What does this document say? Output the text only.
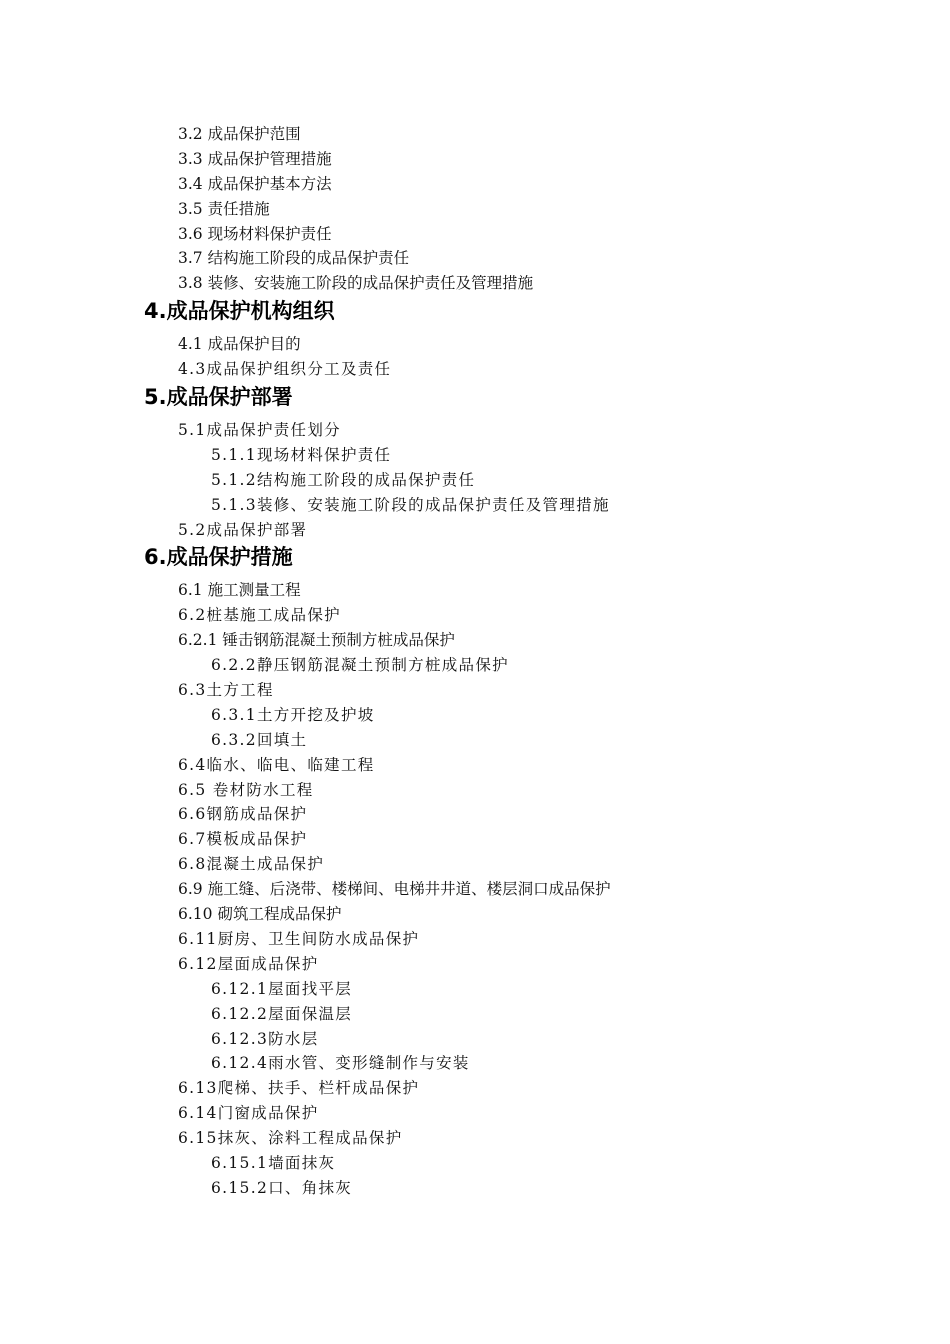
3.2 成品保护范围
3.3 成品保护管理措施
3.4 成品保护基本方法
3.5 责任措施
3.6 现场材料保护责任
3.7 结构施工阶段的成品保护责任
3.8 装修、安装施工阶段的成品保护责任及管理措施
4.成品保护机构组织
4.1 成品保护目的
4.3成品保护组织分工及责任
5.成品保护部署
5.1成品保护责任划分
5.1.1现场材料保护责任
5.1.2结构施工阶段的成品保护责任
5.1.3装修、安装施工阶段的成品保护责任及管理措施
5.2成品保护部署
6.成品保护措施
6.1 施工测量工程
6.2桩基施工成品保护
6.2.1 锤击钢筋混凝土预制方桩成品保护
6.2.2静压钢筋混凝土预制方桩成品保护
6.3土方工程
6.3.1土方开挖及护坡
6.3.2回填土
6.4临水、临电、临建工程
6.5 卷材防水工程
6.6钢筋成品保护
6.7模板成品保护
6.8混凝土成品保护
6.9 施工缝、后浇带、楼梯间、电梯井井道、楼层洞口成品保护
6.10 砌筑工程成品保护
6.11厨房、卫生间防水成品保护
6.12屋面成品保护
6.12.1屋面找平层
6.12.2屋面保温层
6.12.3防水层
6.12.4雨水管、变形缝制作与安装
6.13爬梯、扶手、栏杆成品保护
6.14门窗成品保护
6.15抹灰、涂料工程成品保护
6.15.1墙面抹灰
6.15.2口、角抹灰
